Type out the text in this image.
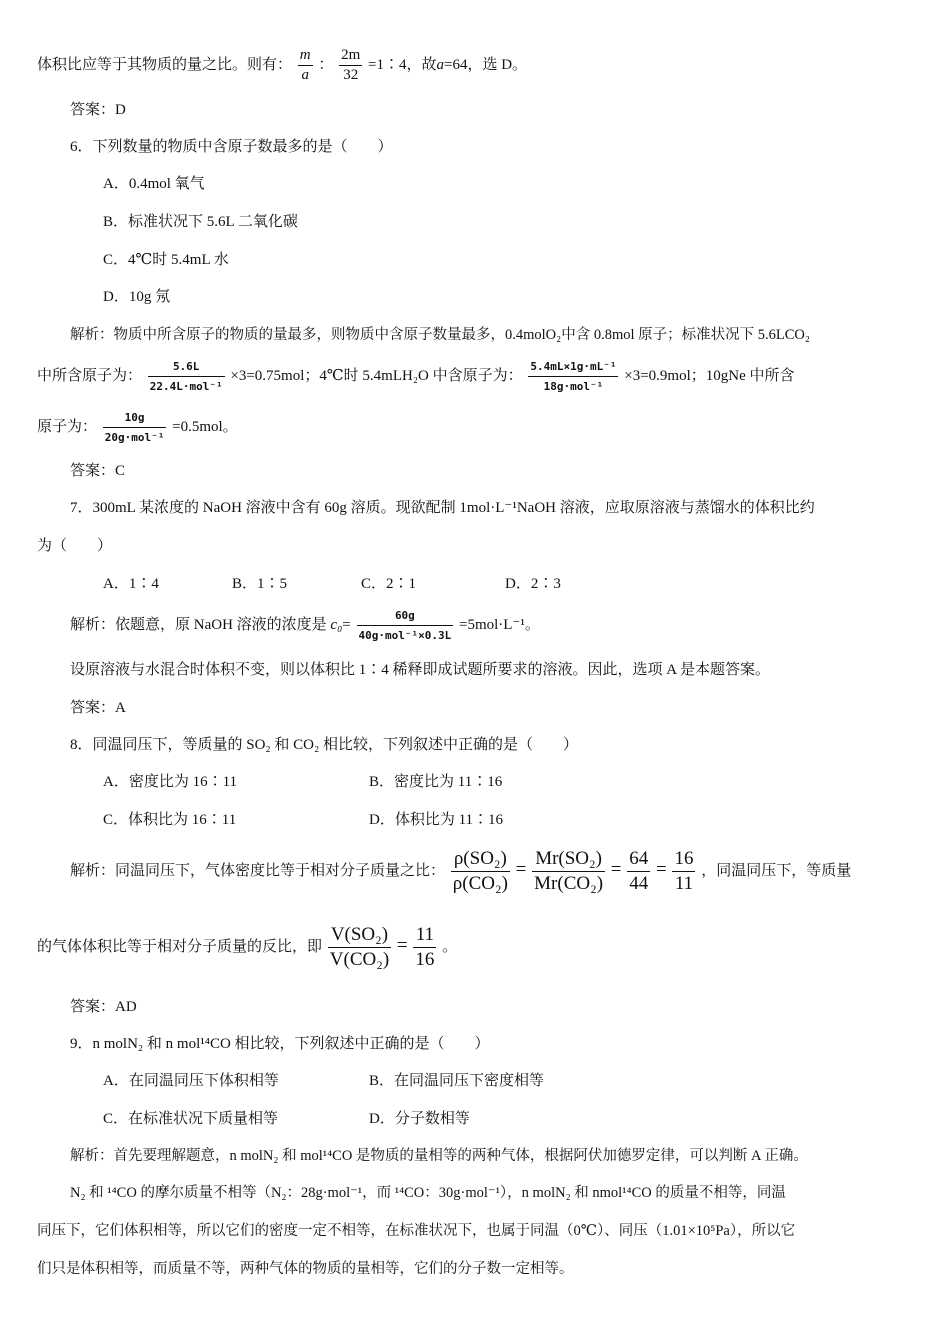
体积比应等于其物质的量之比。则有： $\frac{m}{a}$ ： $\frac{2m}{32}$ =1∶4，故a=64，选 D。
答案：D
6．下列数量的物质中含原子数最多的是（　　）
A．0.4mol 氧气
B．标准状况下 5.6L 二氧化碳
C．4℃时 5.4mL 水
D．10g 氖
解析：物质中所含原子的物质的量最多，则物质中含原子数量最多，0.4molO₂中含 0.8mol 原子；标准状况下 5.6LCO₂
中所含原子为： $\frac{5.6L}{\text{22.4L·mol⁻¹}} \times 3=0.75mol$；4℃时 5.4mLH₂O 中含原子为： $\frac{\text{5.4mL×1g·mL⁻¹}}{\text{18g·mol⁻¹}} \times 3=0.9mol$；10gNe 中所含
原子为： $\frac{10g}{\text{20g·mol⁻¹}} =0.5mol$。
答案：C
7．300mL 某浓度的 NaOH 溶液中含有 60g 溶质。现欲配制 1mol·L⁻¹NaOH 溶液，应取原溶液与蒸馏水的体积比约
为（　　）
A．1∶4	B．1∶5	C．2∶1	D．2∶3
解析：依题意，原 NaOH 溶液的浓度是 $c_0= \frac{60g}{\text{40g·mol⁻¹×0.3L}} =5mol\cdot L^{-1}$。
设原溶液与水混合时体积不变，则以体积比 1∶4 稀释即成试题所要求的溶液。因此，选项 A 是本题答案。
答案：A
8．同温同压下，等质量的 SO₂ 和 CO₂ 相比较，下列叙述中正确的是（　　）
A．密度比为 16∶11	B．密度比为 11∶16
C．体积比为 16∶11	D．体积比为 11∶16
解析：同温同压下，气体密度比等于相对分子质量之比： $\frac{\text{ρ(SO₂)}}{\text{ρ(CO₂)}} = \frac{\text{Mr(SO₂)}}{\text{Mr(CO₂)}} = \frac{64}{44} = \frac{16}{11}$ ，同温同压下，等质量
的气体体积比等于相对分子质量的反比，即 $\frac{\text{V(SO₂)}}{\text{V(CO₂)}} = \frac{11}{16}$ 。
答案：AD
9．n molN₂ 和 n mol¹⁴CO 相比较，下列叙述中正确的是（　　）
A．在同温同压下体积相等	B．在同温同压下密度相等
C．在标准状况下质量相等	D．分子数相等
解析：首先要理解题意，n molN₂ 和 mol¹⁴CO 是物质的量相等的两种气体，根据阿伏加德罗定律，可以判断 A 正确。
N₂ 和 ¹⁴CO 的摩尔质量不相等（N₂：28g·mol⁻¹，而 ¹⁴CO：30g·mol⁻¹），n molN₂ 和 nmol¹⁴CO 的质量不相等，同温
同压下，它们体积相等，所以它们的密度一定不相等，在标准状况下，也属于同温（0℃）、同压（1.01×10⁵Pa），所以它
们只是体积相等，而质量不等，两种气体的物质的量相等，它们的分子数一定相等。
